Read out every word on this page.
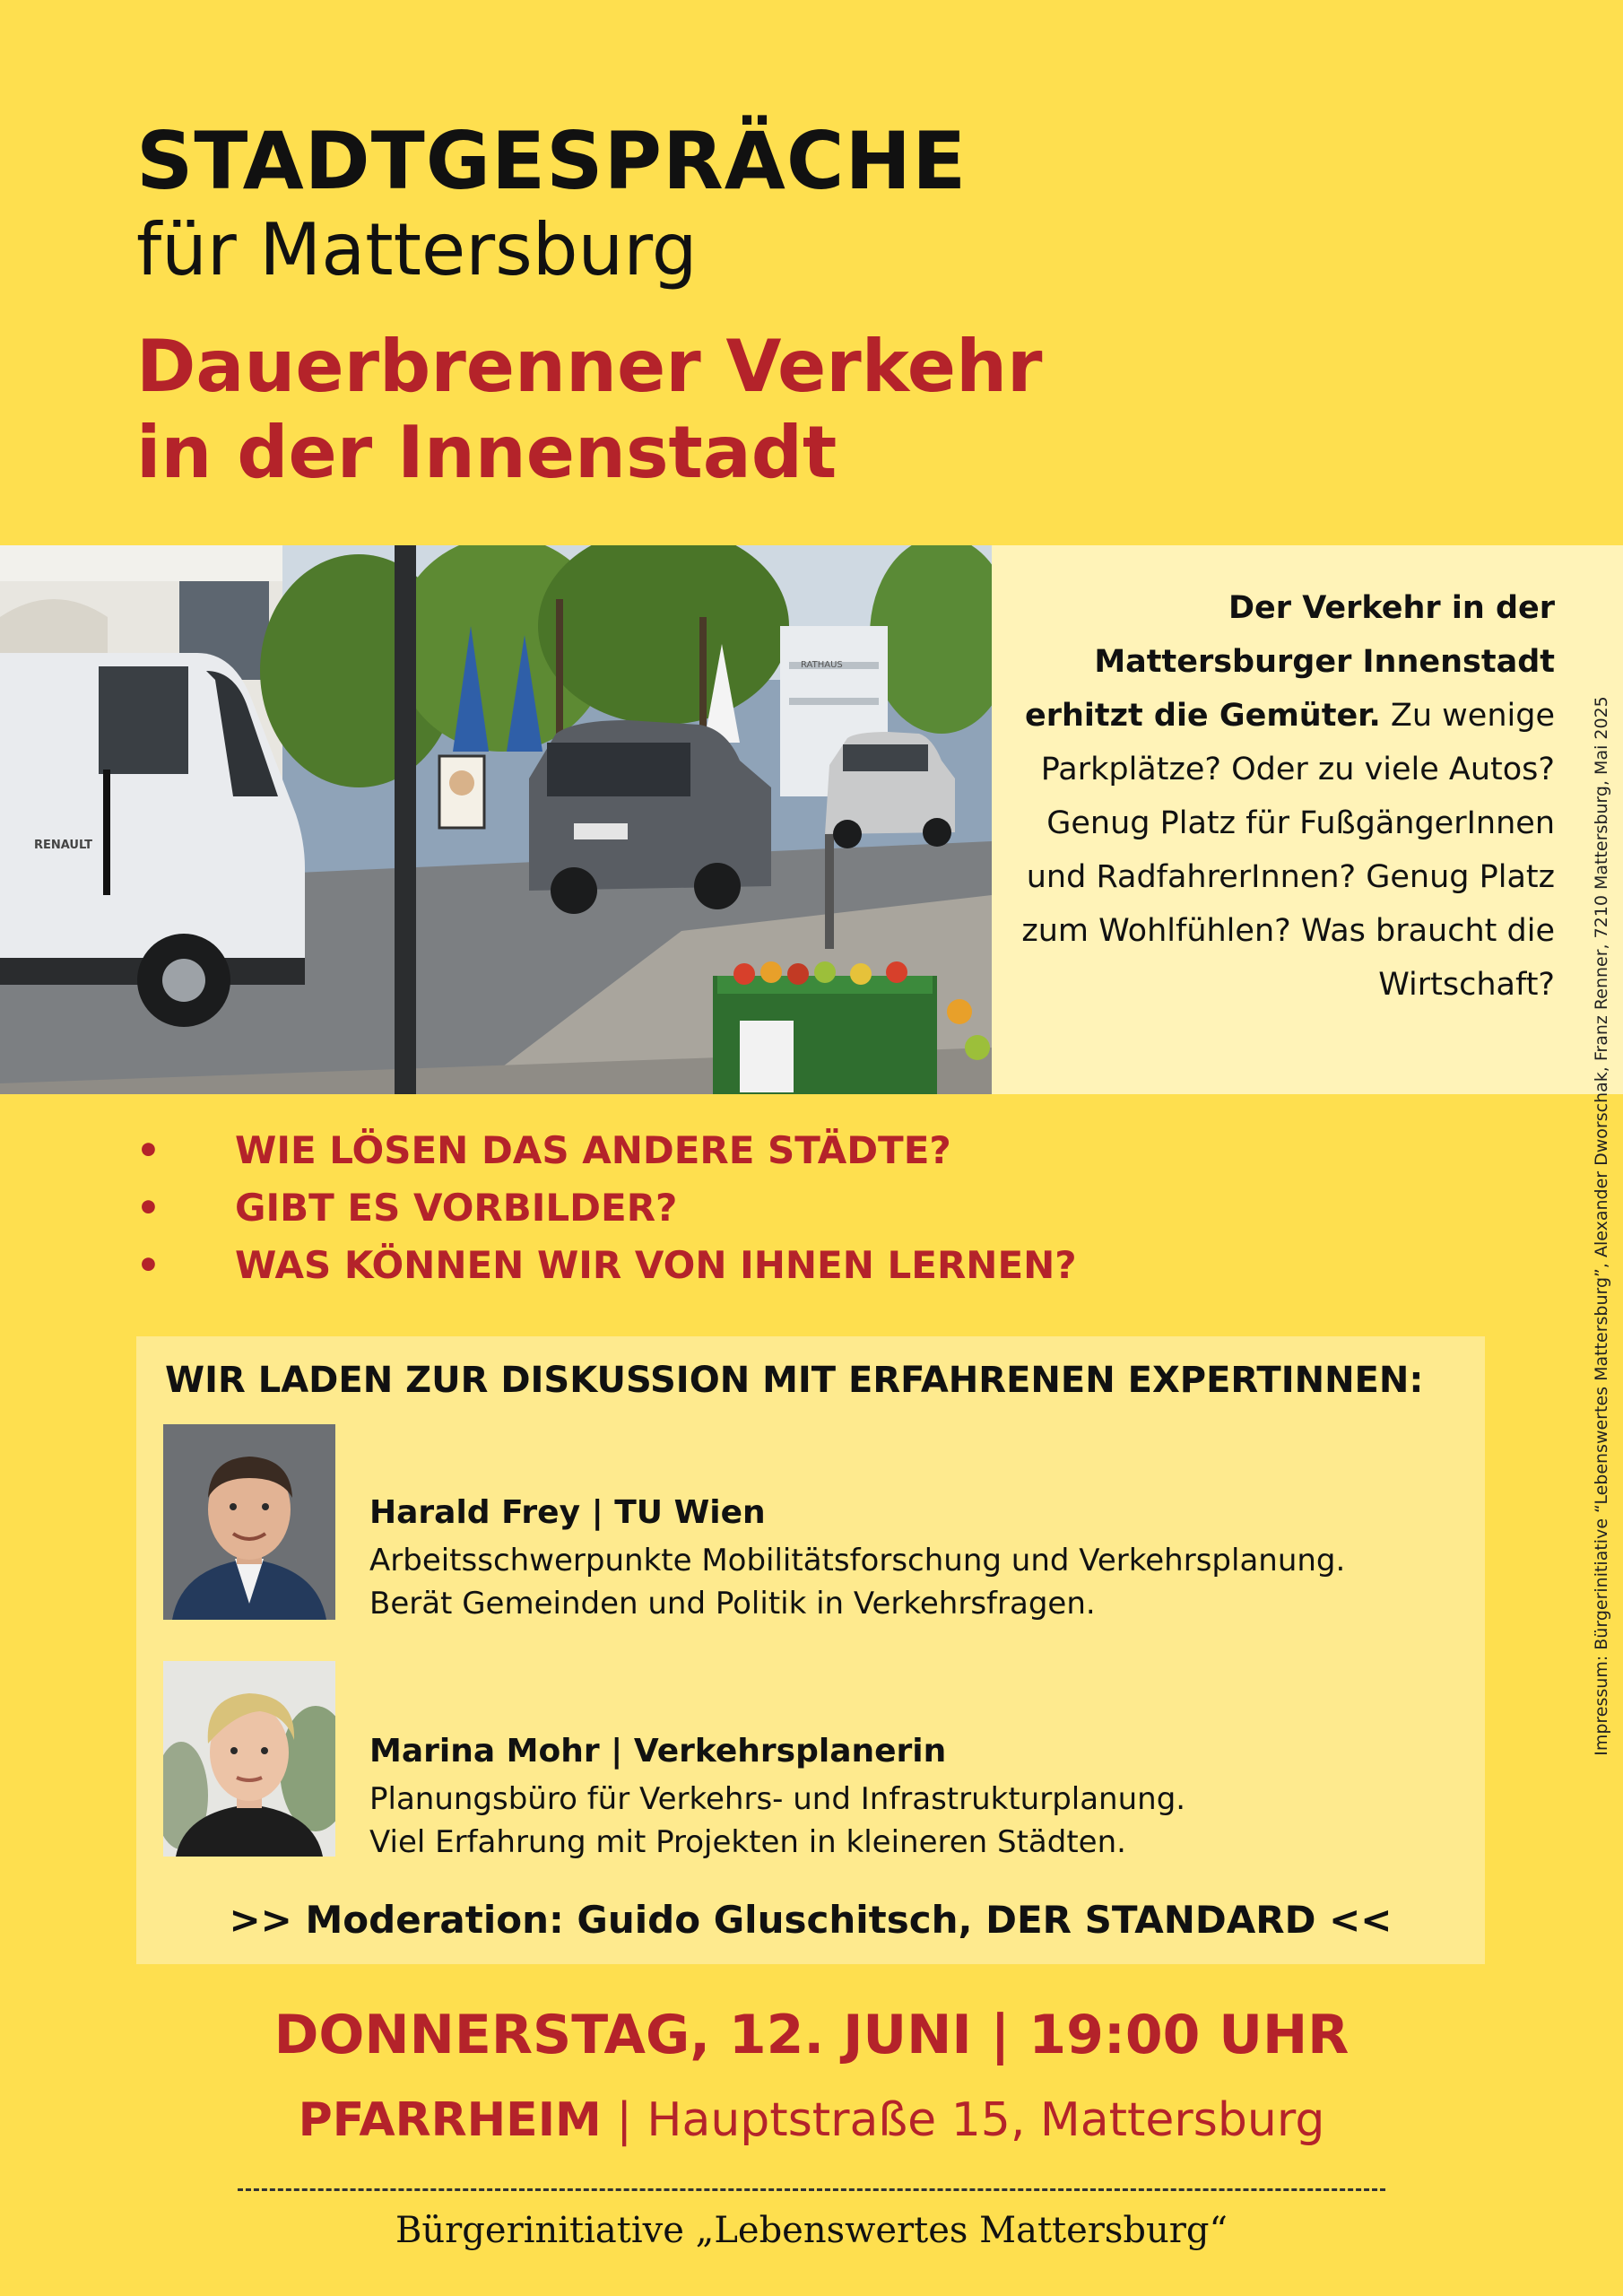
STADTGESPRÄCHE
für Mattersburg
Dauerbrenner Verkehr
in der Innenstadt
RATHAUS
RENAULT
Der Verkehr in der Mattersburger Innenstadt erhitzt die Gemüter. Zu wenige Parkplätze? Oder zu viele Autos? Genug Platz für FußgängerInnen und RadfahrerInnen? Genug Platz zum Wohlfühlen? Was braucht die Wirtschaft?
• WIE LÖSEN DAS ANDERE STÄDTE?
• GIBT ES VORBILDER?
• WAS KÖNNEN WIR VON IHNEN LERNEN?
WIR LADEN ZUR DISKUSSION MIT ERFAHRENEN EXPERTINNEN:
Harald Frey | TU Wien
Arbeitsschwerpunkte Mobilitätsforschung und Verkehrsplanung.
Berät Gemeinden und Politik in Verkehrsfragen.
Marina Mohr | Verkehrsplanerin
Planungsbüro für Verkehrs- und Infrastrukturplanung.
Viel Erfahrung mit Projekten in kleineren Städten.
>> Moderation: Guido Gluschitsch, DER STANDARD <<
DONNERSTAG, 12. JUNI | 19:00 UHR
PFARRHEIM | Hauptstraße 15, Mattersburg
Bürgerinitiative „Lebenswertes Mattersburg“
Impressum: Bürgerinitiative “Lebenswertes Mattersburg”, Alexander Dworschak, Franz Renner, 7210 Mattersburg, Mai 2025
